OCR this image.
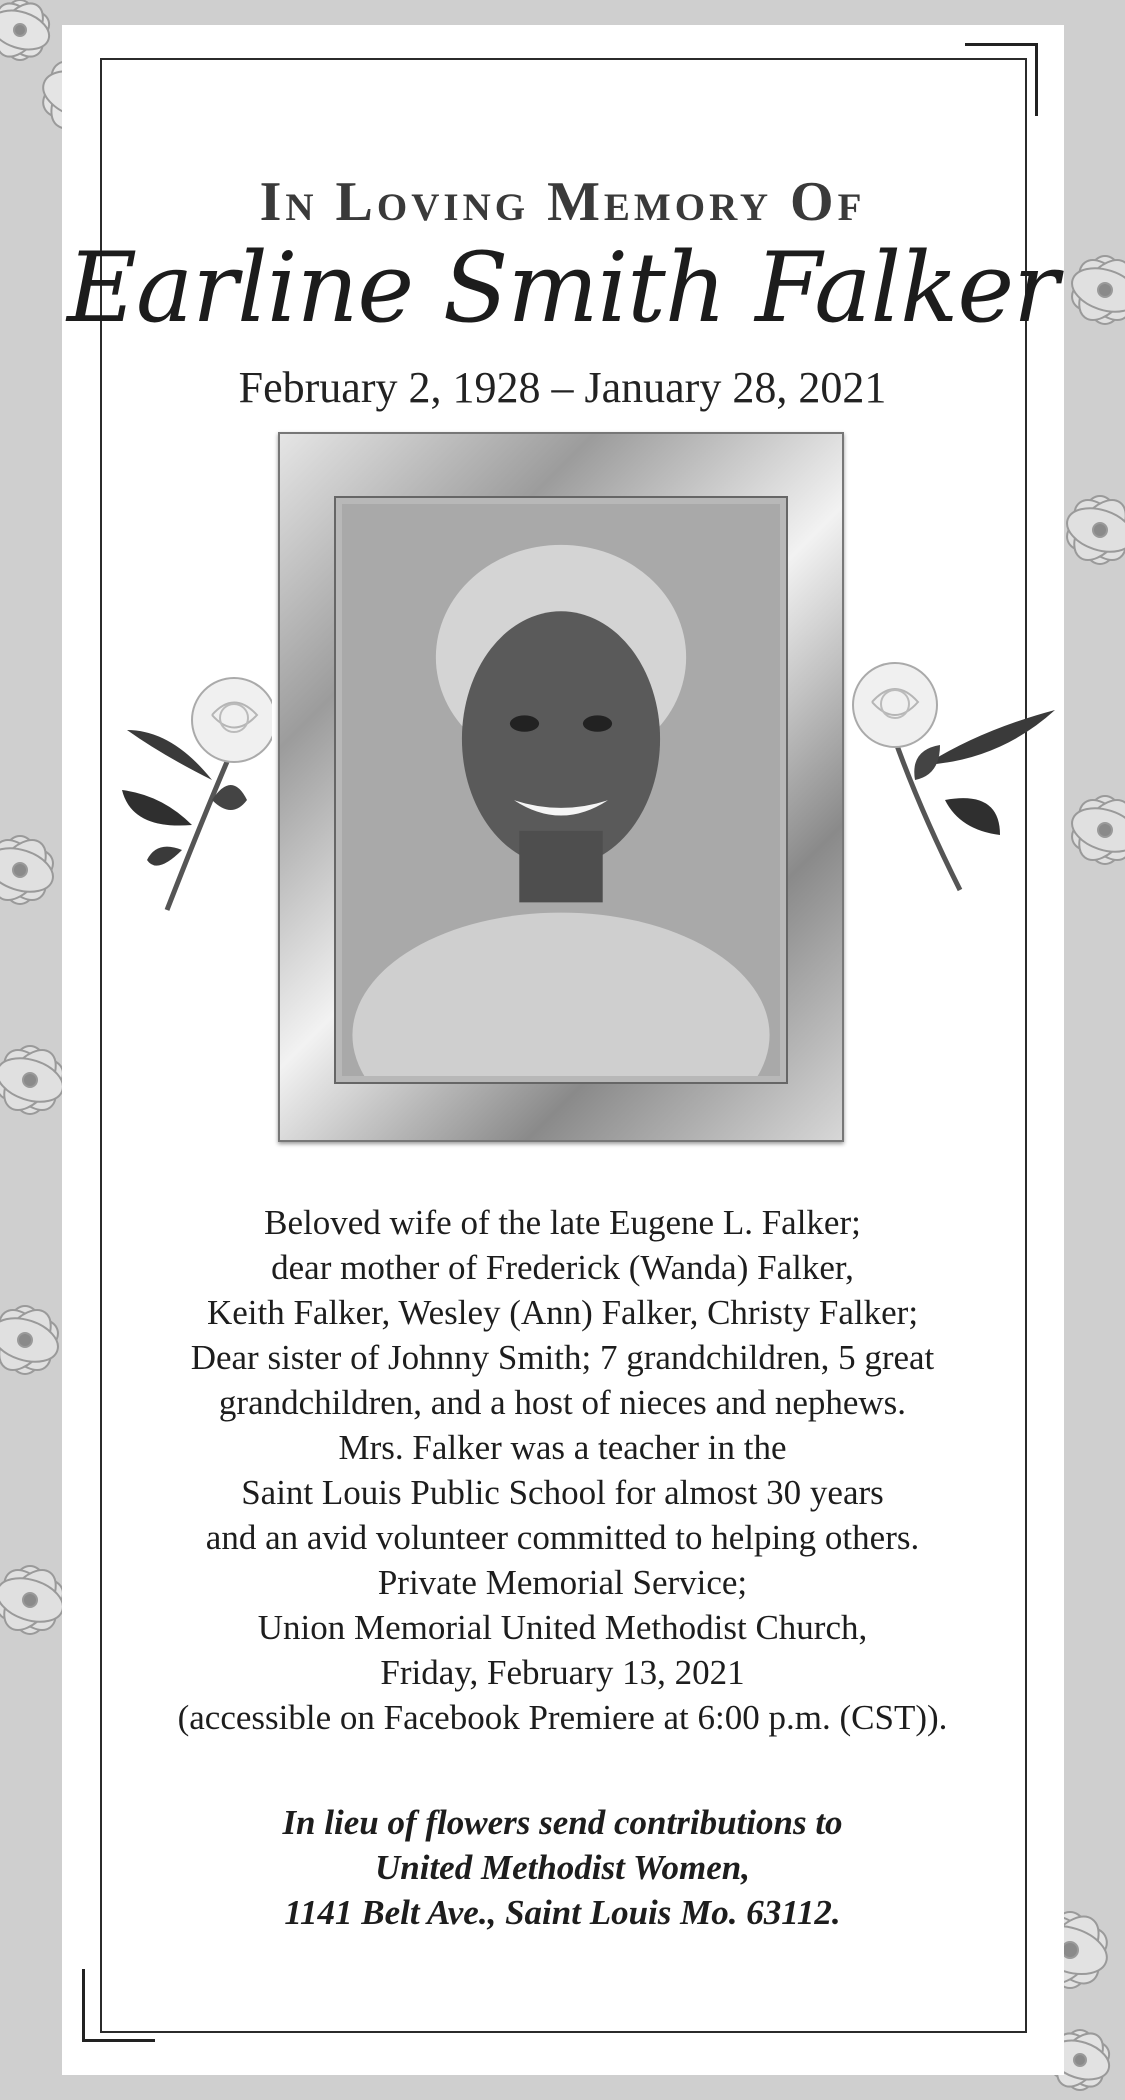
In Loving Memory Of
Earline Smith Falker
February 2, 1928 – January 28, 2021
Beloved wife of the late Eugene L. Falker;
dear mother of Frederick (Wanda) Falker,
Keith Falker, Wesley (Ann) Falker, Christy Falker;
Dear sister of Johnny Smith; 7 grandchildren, 5 great
grandchildren, and a host of nieces and nephews.
Mrs. Falker was a teacher in the
Saint Louis Public School for almost 30 years
and an avid volunteer committed to helping others.
Private Memorial Service;
Union Memorial United Methodist Church,
Friday, February 13, 2021
(accessible on Facebook Premiere at 6:00 p.m. (CST)).
In lieu of flowers send contributions to
United Methodist Women,
1141 Belt Ave., Saint Louis Mo. 63112.
